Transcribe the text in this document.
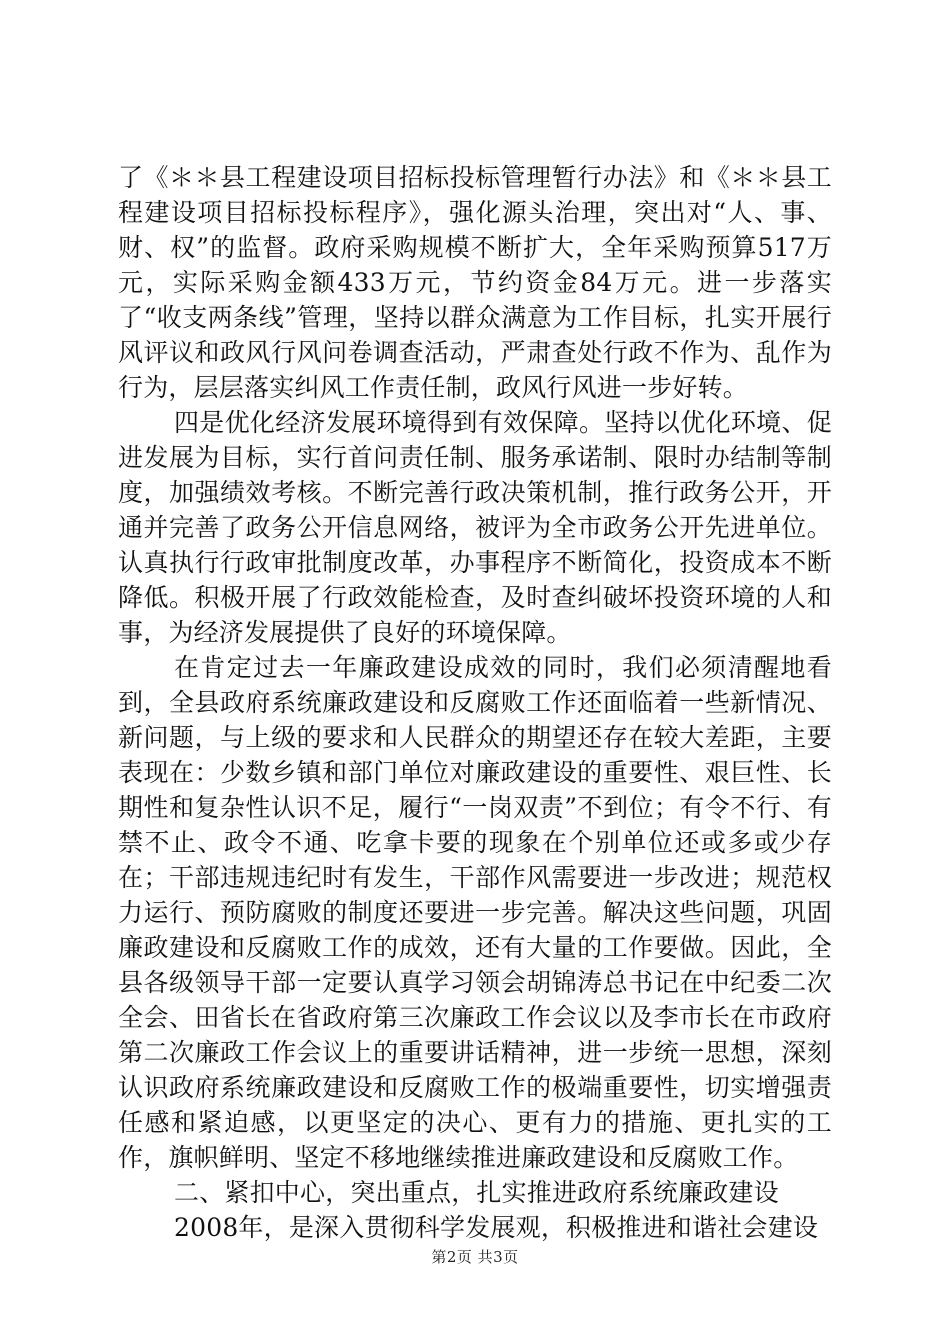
了《＊＊县工程建设项目招标投标管理暂行办法》和《＊＊县工程建设项目招标投标程序》，强化源头治理，突出对“人、事、财、权”的监督。政府采购规模不断扩大，全年采购预算517万元，实际采购金额433万元，节约资金84万元。进一步落实了“收支两条线”管理，坚持以群众满意为工作目标，扎实开展行风评议和政风行风问卷调查活动，严肃查处行政不作为、乱作为行为，层层落实纠风工作责任制，政风行风进一步好转。

四是优化经济发展环境得到有效保障。坚持以优化环境、促进发展为目标，实行首问责任制、服务承诺制、限时办结制等制度，加强绩效考核。不断完善行政决策机制，推行政务公开，开通并完善了政务公开信息网络，被评为全市政务公开先进单位。认真执行行政审批制度改革，办事程序不断简化，投资成本不断降低。积极开展了行政效能检查，及时查纠破坏投资环境的人和事，为经济发展提供了良好的环境保障。

在肯定过去一年廉政建设成效的同时，我们必须清醒地看到，全县政府系统廉政建设和反腐败工作还面临着一些新情况、新问题，与上级的要求和人民群众的期望还存在较大差距，主要表现在：少数乡镇和部门单位对廉政建设的重要性、艰巨性、长期性和复杂性认识不足，履行“一岗双责”不到位；有令不行、有禁不止、政令不通、吃拿卡要的现象在个别单位还或多或少存在；干部违规违纪时有发生，干部作风需要进一步改进；规范权力运行、预防腐败的制度还要进一步完善。解决这些问题，巩固廉政建设和反腐败工作的成效，还有大量的工作要做。因此，全县各级领导干部一定要认真学习领会胡锦涛总书记在中纪委二次全会、田省长在省政府第三次廉政工作会议以及李市长在市政府第二次廉政工作会议上的重要讲话精神，进一步统一思想，深刻认识政府系统廉政建设和反腐败工作的极端重要性，切实增强责任感和紧迫感，以更坚定的决心、更有力的措施、更扎实的工作，旗帜鲜明、坚定不移地继续推进廉政建设和反腐败工作。

二、紧扣中心，突出重点，扎实推进政府系统廉政建设

2008年，是深入贯彻科学发展观，积极推进和谐社会建设

第2页 共3页
